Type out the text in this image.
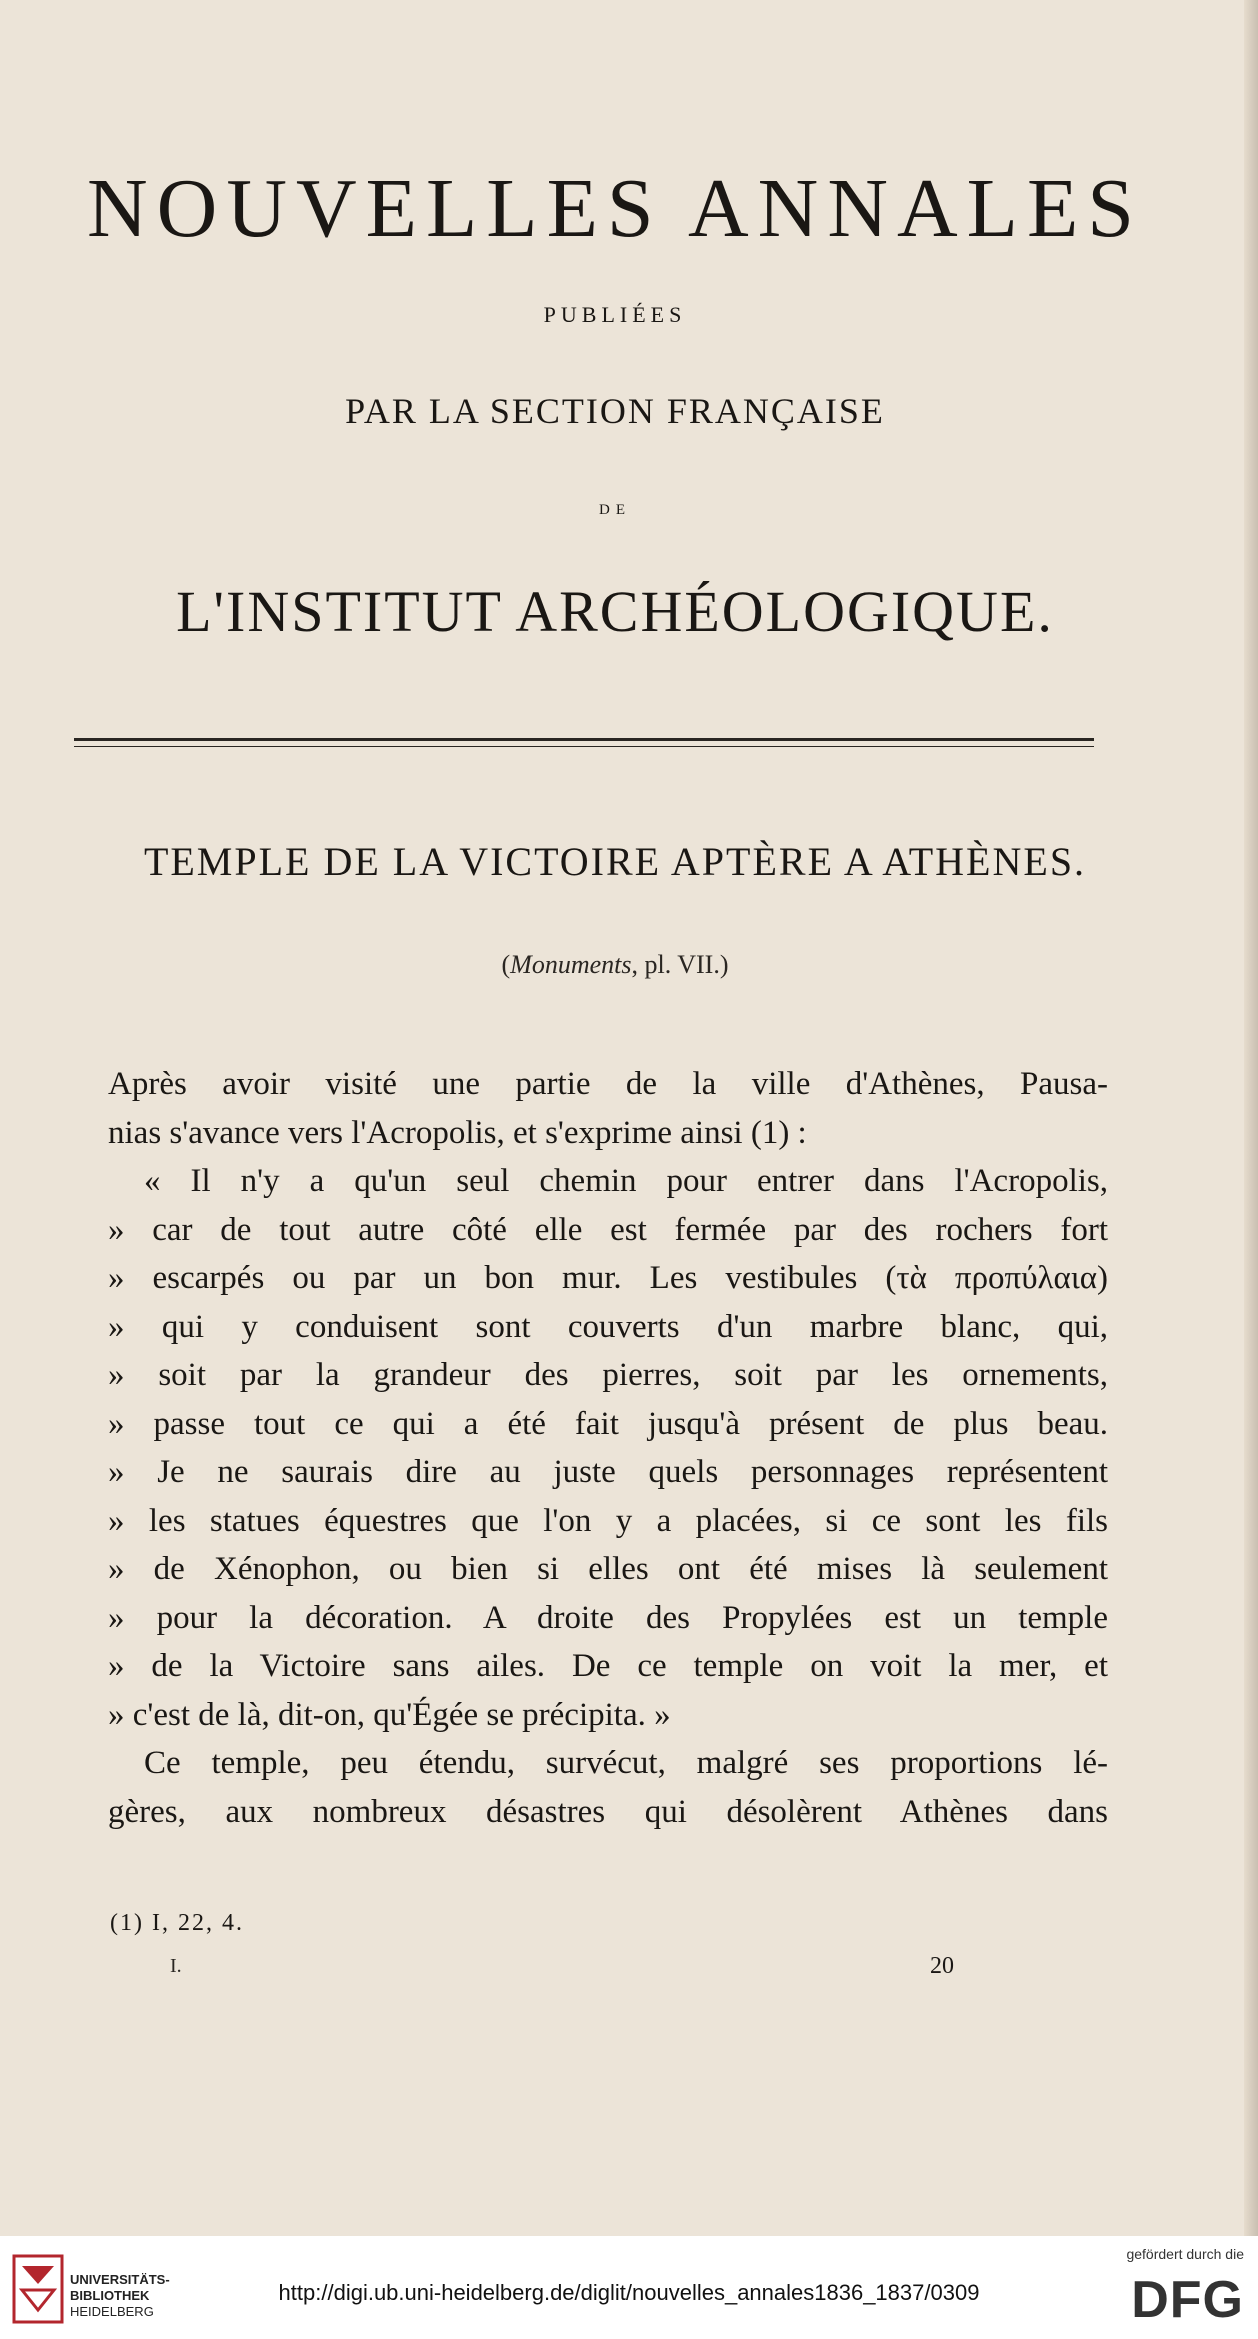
NOUVELLES ANNALES
PUBLIÉES
PAR LA SECTION FRANÇAISE
DE
L'INSTITUT ARCHÉOLOGIQUE.
TEMPLE DE LA VICTOIRE APTÈRE A ATHÈNES.
(Monuments, pl. VII.)
Après avoir visité une partie de la ville d'Athènes, Pausa-
nias s'avance vers l'Acropolis, et s'exprime ainsi (1) :
« Il n'y a qu'un seul chemin pour entrer dans l'Acropolis,
» car de tout autre côté elle est fermée par des rochers fort
» escarpés ou par un bon mur. Les vestibules (τὰ προπύλαια)
» qui y conduisent sont couverts d'un marbre blanc, qui,
» soit par la grandeur des pierres, soit par les ornements,
» passe tout ce qui a été fait jusqu'à présent de plus beau.
» Je ne saurais dire au juste quels personnages représentent
» les statues équestres que l'on y a placées, si ce sont les fils
» de Xénophon, ou bien si elles ont été mises là seulement
» pour la décoration. A droite des Propylées est un temple
» de la Victoire sans ailes. De ce temple on voit la mer, et
» c'est de là, dit-on, qu'Égée se précipita. »
Ce temple, peu étendu, survécut, malgré ses proportions lé-
gères, aux nombreux désastres qui désolèrent Athènes dans
(1) I, 22, 4.
I.	20
UNIVERSITÄTS-
BIBLIOTHEK
HEIDELBERG
http://digi.ub.uni-heidelberg.de/diglit/nouvelles_annales1836_1837/0309
gefördert durch die
DFG
